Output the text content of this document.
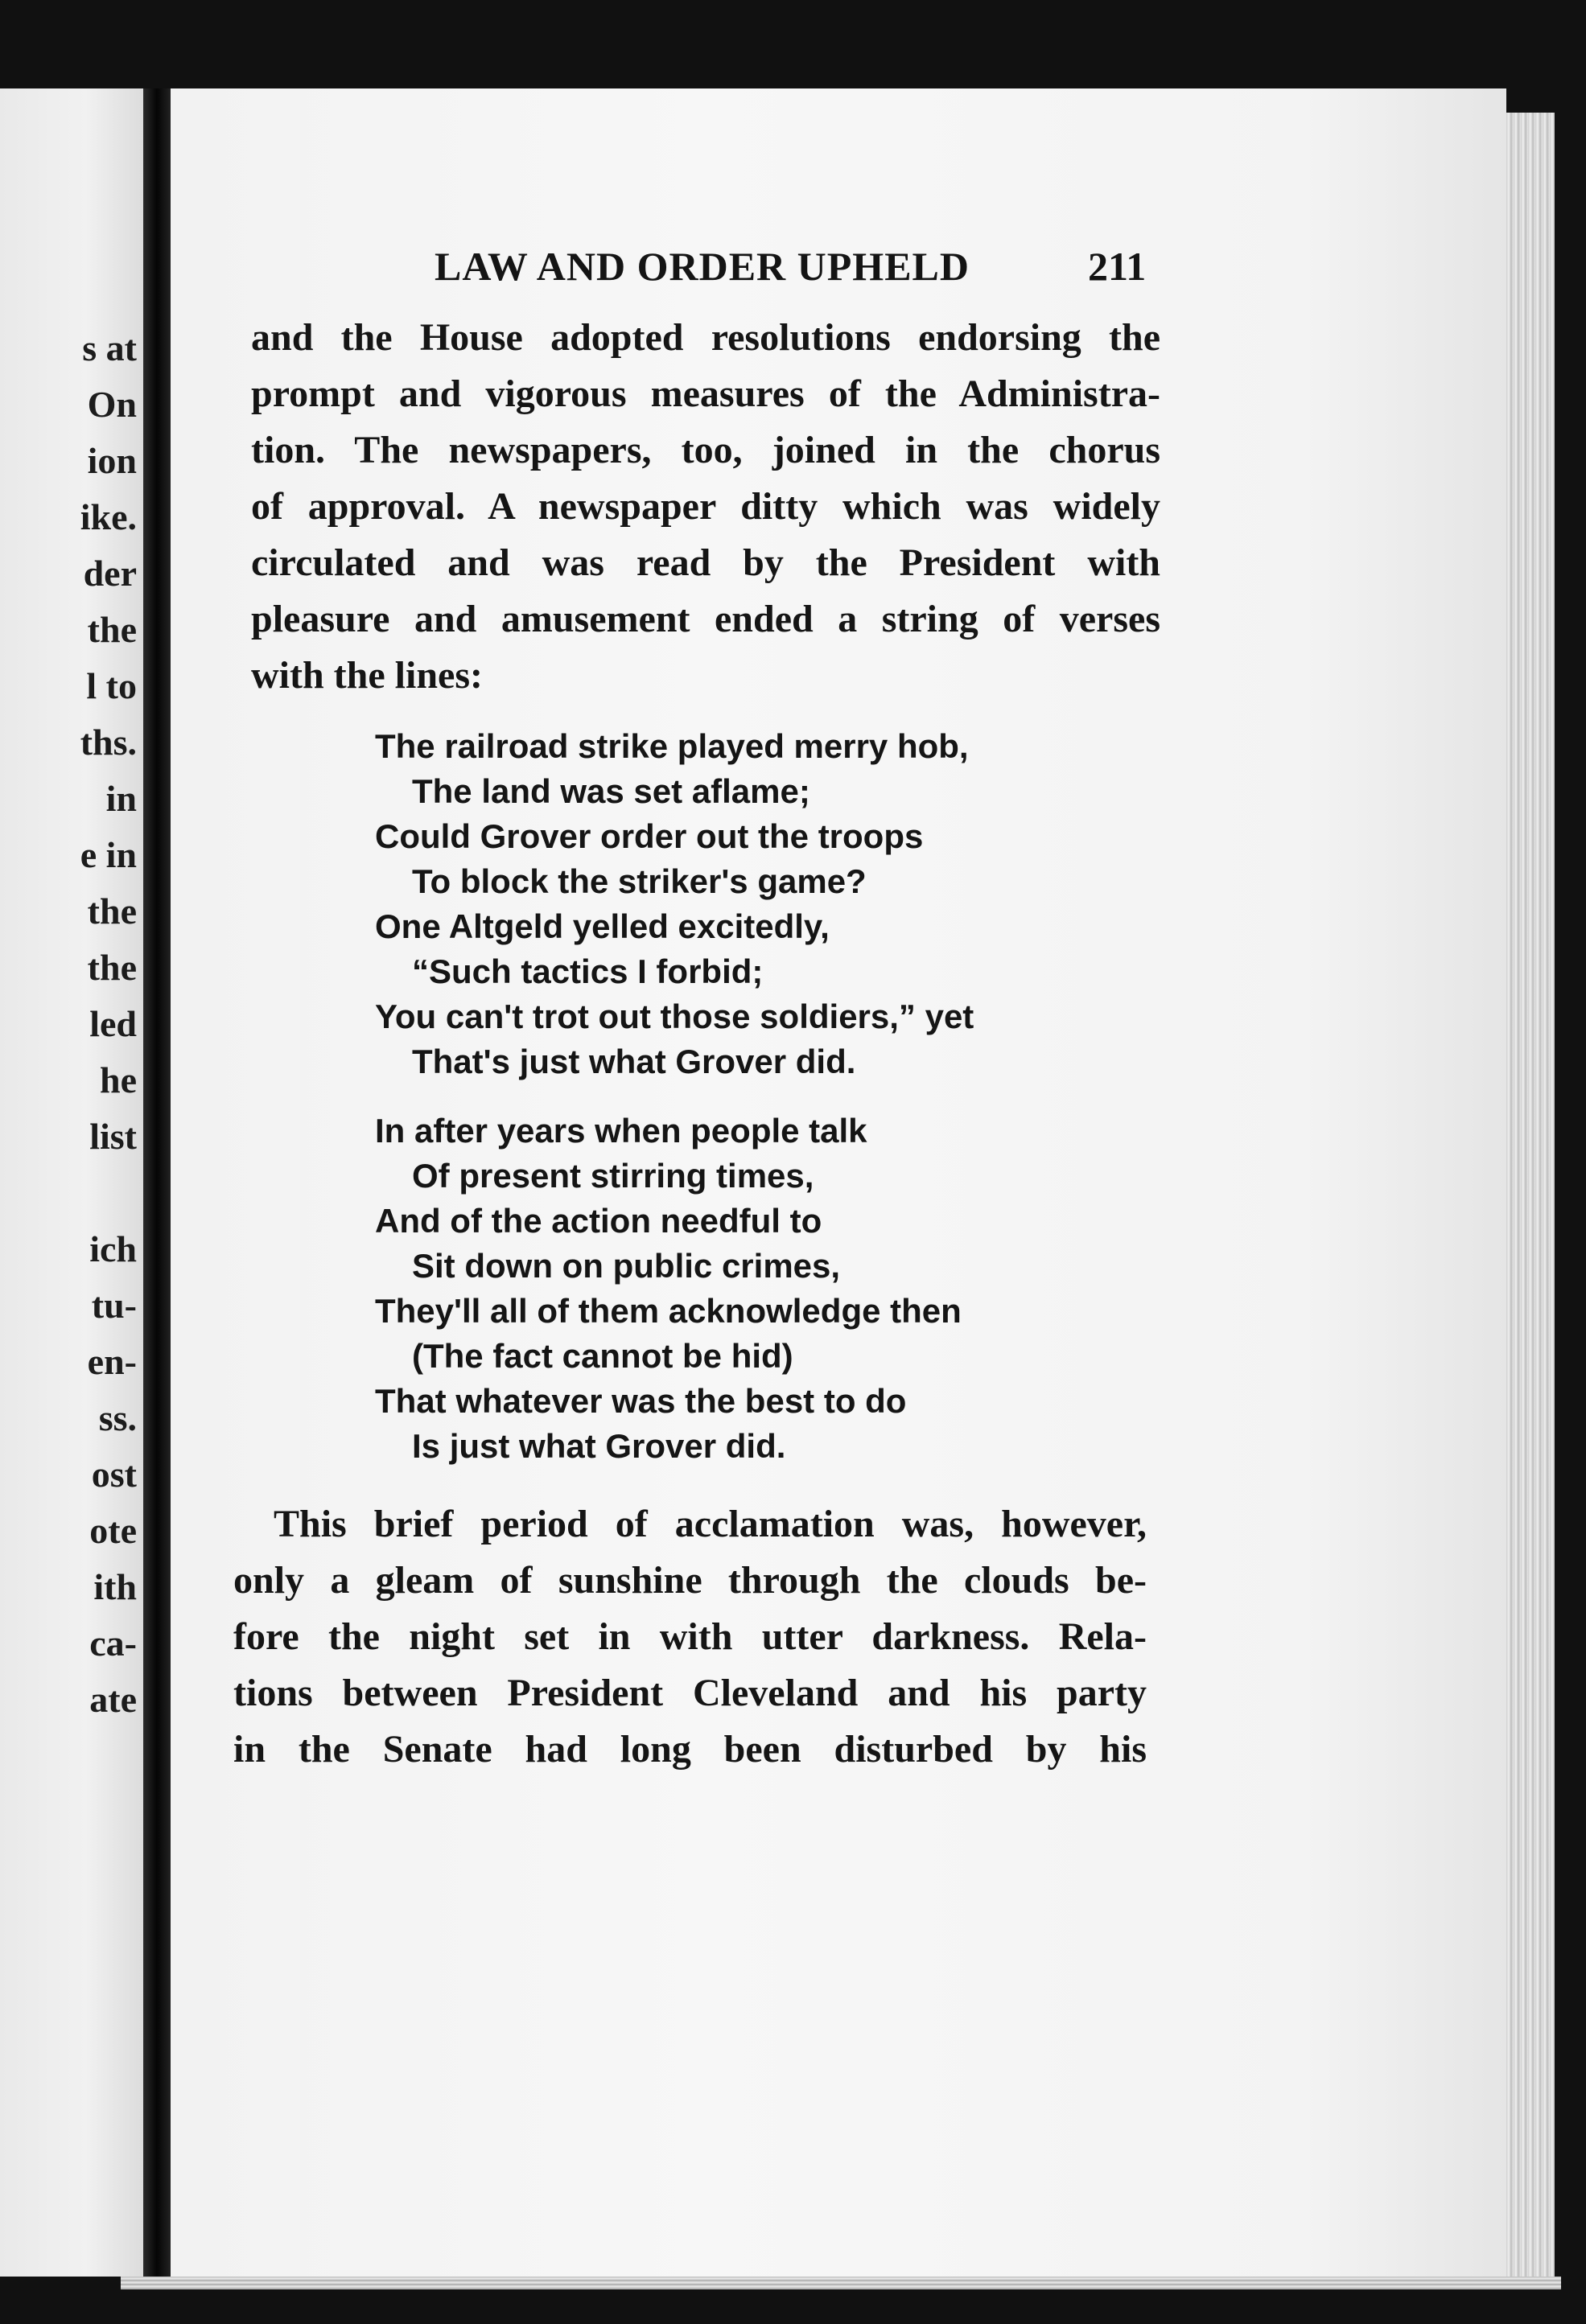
s at
On
ion
ike.
der
the
l to
ths.
in
e in
the
the
led
he
list
ich
tu-
en-
ss.
ost
ote
ith
ca-
ate
LAW AND ORDER UPHELD	211
and the House adopted resolutions endorsing the
prompt and vigorous measures of the Administra-
tion. The newspapers, too, joined in the chorus
of approval. A newspaper ditty which was widely
circulated and was read by the President with
pleasure and amusement ended a string of verses
with the lines:
The railroad strike played merry hob,
The land was set aflame;
Could Grover order out the troops
To block the striker's game?
One Altgeld yelled excitedly,
“Such tactics I forbid;
You can't trot out those soldiers,” yet
That's just what Grover did.
In after years when people talk
Of present stirring times,
And of the action needful to
Sit down on public crimes,
They'll all of them acknowledge then
(The fact cannot be hid)
That whatever was the best to do
Is just what Grover did.
This brief period of acclamation was, however,
only a gleam of sunshine through the clouds be-
fore the night set in with utter darkness. Rela-
tions between President Cleveland and his party
in the Senate had long been disturbed by his
